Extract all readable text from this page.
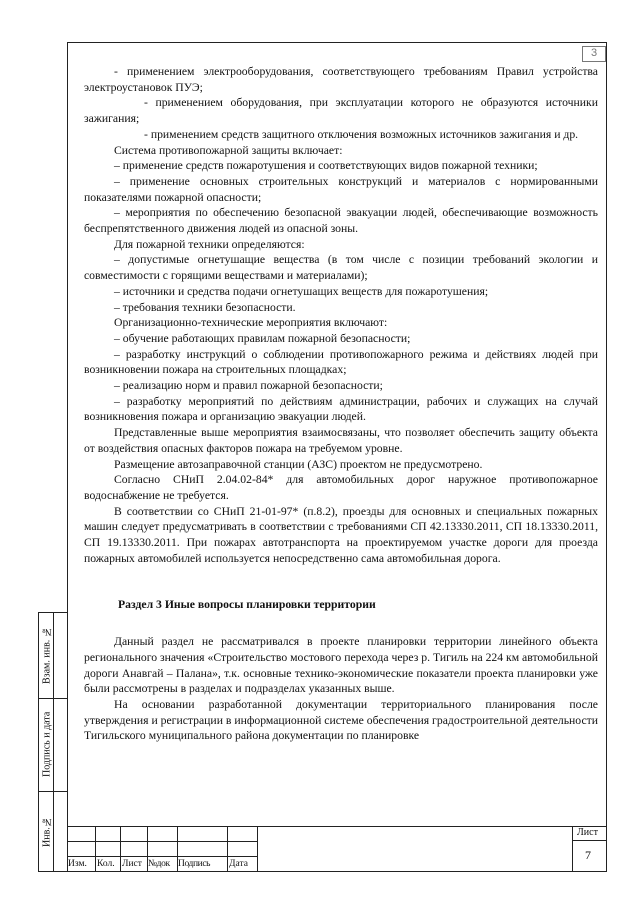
3

- применением электрооборудования, соответствующего требованиям Правил устройства электроустановок ПУЭ;

- применением оборудования, при эксплуатации которого не образуются источники зажигания;

- применением средств защитного отключения возможных источников зажигания и др.

Система противопожарной защиты включает:

– применение средств пожаротушения и соответствующих видов пожарной техники;

– применение основных строительных конструкций и материалов с нормированными показателями пожарной опасности;

– мероприятия по обеспечению безопасной эвакуации людей, обеспечивающие возможность беспрепятственного движения людей из опасной зоны.

Для пожарной техники определяются:

– допустимые огнетушащие вещества (в том числе с позиции требований экологии и совместимости с горящими веществами и материалами);

– источники и средства подачи огнетушащих веществ для пожаротушения;

– требования техники безопасности.

Организационно-технические мероприятия включают:

– обучение работающих правилам пожарной безопасности;

– разработку инструкций о соблюдении противопожарного режима и действиях людей при возникновении пожара на строительных площадках;

– реализацию норм и правил пожарной безопасности;

– разработку мероприятий по действиям администрации, рабочих и служащих на случай возникновения пожара и организацию эвакуации людей.

Представленные выше мероприятия взаимосвязаны, что позволяет обеспечить защиту объекта от воздействия опасных факторов пожара на требуемом уровне.

Размещение автозаправочной станции (АЗС) проектом не предусмотрено.

Согласно СНиП 2.04.02-84* для автомобильных дорог наружное противопожарное водоснабжение не требуется.

В соответствии со СНиП 21-01-97* (п.8.2), проезды для основных и специальных пожарных машин следует предусматривать в соответствии с требованиями СП 42.13330.2011, СП 18.13330.2011, СП 19.13330.2011. При пожарах автотранспорта на проектируемом участке дороги для проезда пожарных автомобилей используется непосредственно сама автомобильная дорога.

Раздел 3 Иные вопросы планировки территории

Данный раздел не рассматривался в проекте планировки территории линейного объекта регионального значения «Строительство мостового перехода через р. Тигиль на 224 км автомобильной дороги Анавгай – Палана», т.к. основные технико-экономические показатели проекта планировки уже были рассмотрены в разделах и подразделах указанных выше.

На основании разработанной документации территориального планирования после утверждения и регистрации в информационной системе обеспечения градостроительной деятельности Тигильского муниципального района документации по планировке

Взам. инв. №
Подпись и дата
Инв.№
Изм. Кол. Лист №док Подпись Дата
Лист
7
